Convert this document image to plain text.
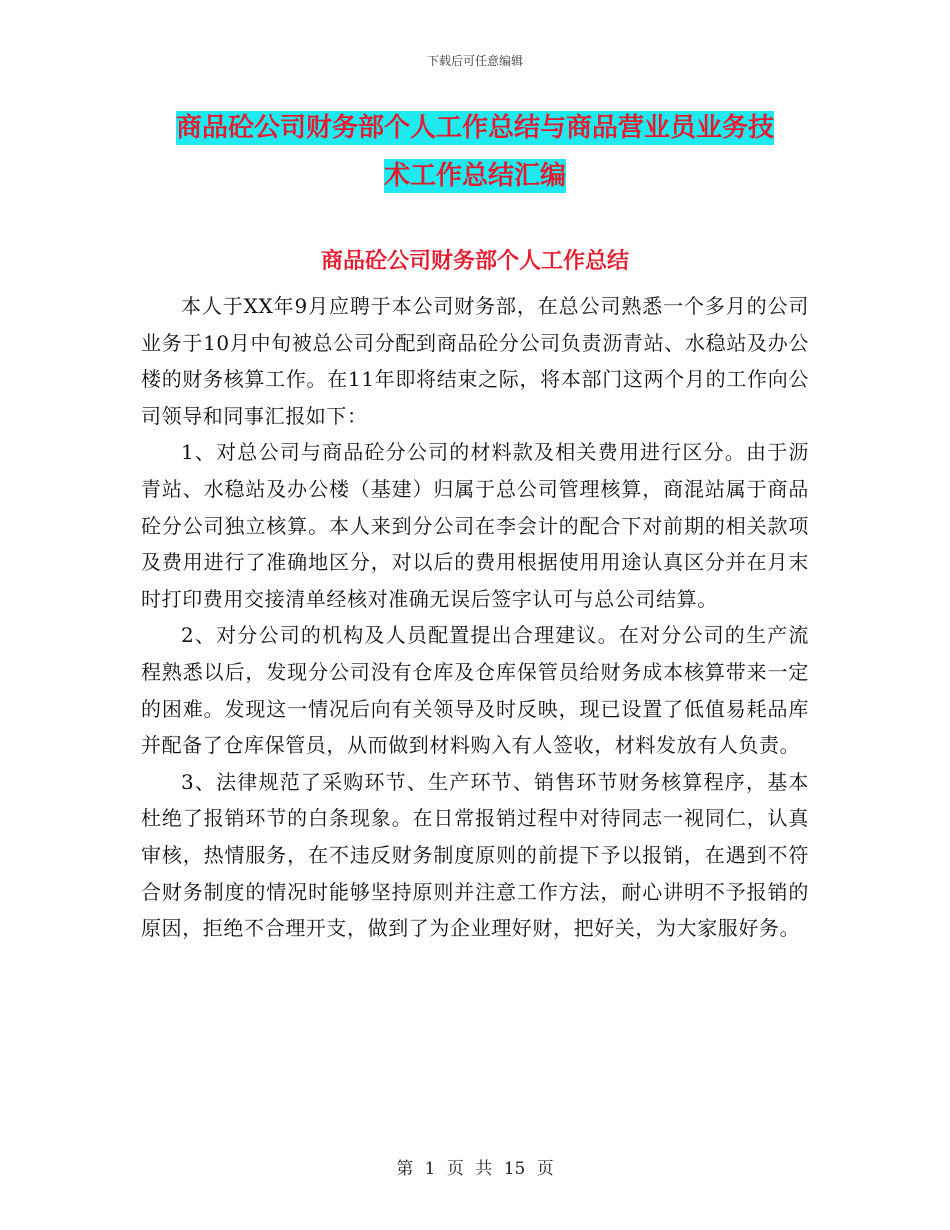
下载后可任意编辑
商品砼公司财务部个人工作总结与商品营业员业务技
术工作总结汇编
商品砼公司财务部个人工作总结

本人于XX年9月应聘于本公司财务部，在总公司熟悉一个多月的公司业务于10月中旬被总公司分配到商品砼分公司负责沥青站、水稳站及办公楼的财务核算工作。在11年即将结束之际，将本部门这两个月的工作向公司领导和同事汇报如下：

1、对总公司与商品砼分公司的材料款及相关费用进行区分。由于沥青站、水稳站及办公楼（基建）归属于总公司管理核算，商混站属于商品砼分公司独立核算。本人来到分公司在李会计的配合下对前期的相关款项及费用进行了准确地区分，对以后的费用根据使用用途认真区分并在月末时打印费用交接清单经核对准确无误后签字认可与总公司结算。

2、对分公司的机构及人员配置提出合理建议。在对分公司的生产流程熟悉以后，发现分公司没有仓库及仓库保管员给财务成本核算带来一定的困难。发现这一情况后向有关领导及时反映，现已设置了低值易耗品库并配备了仓库保管员，从而做到材料购入有人签收，材料发放有人负责。

3、法律规范了采购环节、生产环节、销售环节财务核算程序，基本杜绝了报销环节的白条现象。在日常报销过程中对待同志一视同仁，认真审核，热情服务，在不违反财务制度原则的前提下予以报销，在遇到不符合财务制度的情况时能够坚持原则并注意工作方法，耐心讲明不予报销的原因，拒绝不合理开支，做到了为企业理好财，把好关，为大家服好务。

第 1 页 共 15 页
